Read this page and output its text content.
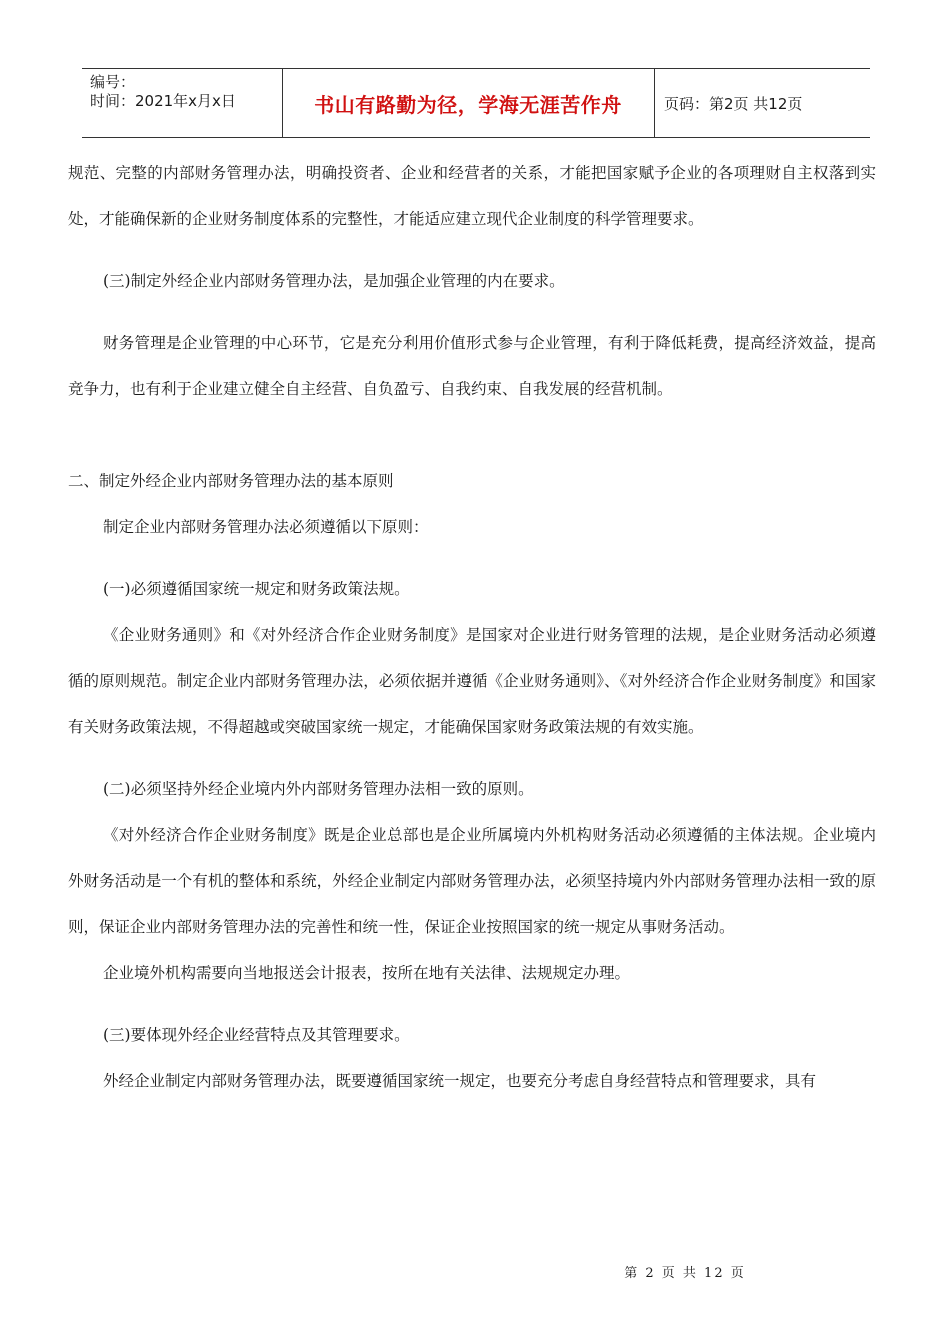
编号：
时间：2021年x月x日	书山有路勤为径，学海无涯苦作舟	页码：第2页 共12页

规范、完整的内部财务管理办法，明确投资者、企业和经营者的关系，才能把国家赋予企业的各项理财自主权落到实处，才能确保新的企业财务制度体系的完整性，才能适应建立现代企业制度的科学管理要求。

(三)制定外经企业内部财务管理办法，是加强企业管理的内在要求。

财务管理是企业管理的中心环节，它是充分利用价值形式参与企业管理，有利于降低耗费，提高经济效益，提高竞争力，也有利于企业建立健全自主经营、自负盈亏、自我约束、自我发展的经营机制。

二、制定外经企业内部财务管理办法的基本原则

制定企业内部财务管理办法必须遵循以下原则：

(一)必须遵循国家统一规定和财务政策法规。

《企业财务通则》和《对外经济合作企业财务制度》是国家对企业进行财务管理的法规，是企业财务活动必须遵循的原则规范。制定企业内部财务管理办法，必须依据并遵循《企业财务通则》、《对外经济合作企业财务制度》和国家有关财务政策法规，不得超越或突破国家统一规定，才能确保国家财务政策法规的有效实施。

(二)必须坚持外经企业境内外内部财务管理办法相一致的原则。

《对外经济合作企业财务制度》既是企业总部也是企业所属境内外机构财务活动必须遵循的主体法规。企业境内外财务活动是一个有机的整体和系统，外经企业制定内部财务管理办法，必须坚持境内外内部财务管理办法相一致的原则，保证企业内部财务管理办法的完善性和统一性，保证企业按照国家的统一规定从事财务活动。

企业境外机构需要向当地报送会计报表，按所在地有关法律、法规规定办理。

(三)要体现外经企业经营特点及其管理要求。

外经企业制定内部财务管理办法，既要遵循国家统一规定，也要充分考虑自身经营特点和管理要求，具有

第 2 页 共 12 页
